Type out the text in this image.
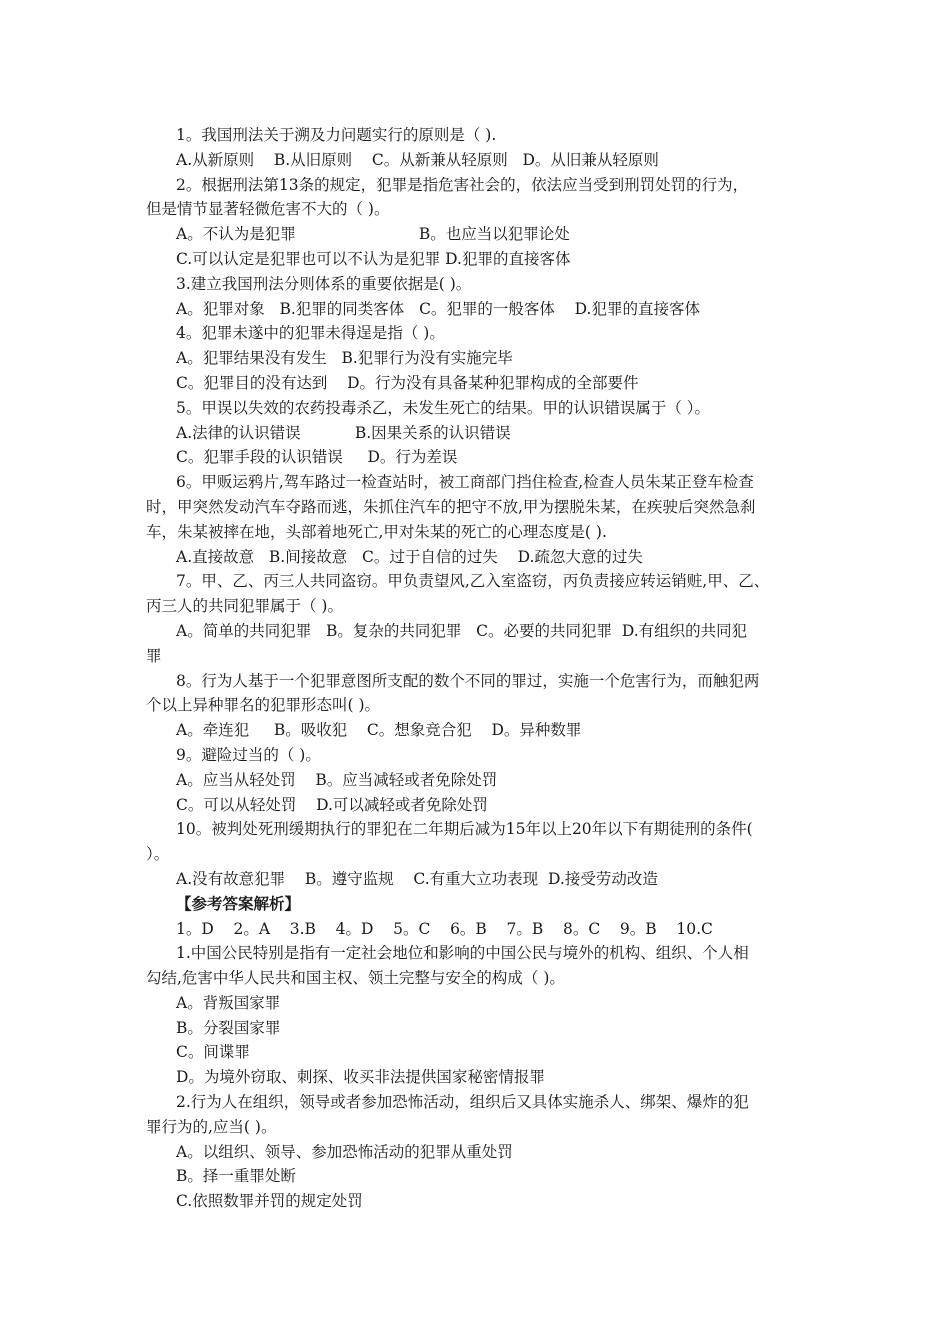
1。我国刑法关于溯及力问题实行的原则是（ ).
A.从新原则    B.从旧原则    C。从新兼从轻原则   D。从旧兼从轻原则
2。根据刑法第13条的规定，犯罪是指危害社会的，依法应当受到刑罚处罚的行为，
但是情节显著轻微危害不大的（ )。
A。不认为是犯罪                         B。也应当以犯罪论处
C.可以认定是犯罪也可以不认为是犯罪 D.犯罪的直接客体
3.建立我国刑法分则体系的重要依据是( )。
A。犯罪对象   B.犯罪的同类客体   C。犯罪的一般客体    D.犯罪的直接客体
4。犯罪未遂中的犯罪未得逞是指（ )。
A。犯罪结果没有发生   B.犯罪行为没有实施完毕
C。犯罪目的没有达到    D。行为没有具备某种犯罪构成的全部要件
5。甲误以失效的农药投毒杀乙，未发生死亡的结果。甲的认识错误属于（ ）。
A.法律的认识错误           B.因果关系的认识错误
C。犯罪手段的认识错误     D。行为差误
6。甲贩运鸦片,驾车路过一检查站时，被工商部门挡住检查,检查人员朱某正登车检查
时，甲突然发动汽车夺路而逃，朱抓住汽车的把守不放,甲为摆脱朱某，在疾驶后突然急刹
车，朱某被摔在地，头部着地死亡,甲对朱某的死亡的心理态度是( ).
A.直接故意   B.间接故意   C。过于自信的过失    D.疏忽大意的过失
7。甲、乙、丙三人共同盗窃。甲负责望风,乙入室盗窃，丙负责接应转运销赃,甲、乙、
丙三人的共同犯罪属于（ )。
A。简单的共同犯罪   B。复杂的共同犯罪   C。必要的共同犯罪  D.有组织的共同犯
罪
8。行为人基于一个犯罪意图所支配的数个不同的罪过，实施一个危害行为，而触犯两
个以上异种罪名的犯罪形态叫( )。
A。牵连犯     B。吸收犯    C。想象竞合犯    D。异种数罪
9。避险过当的（ )。
A。应当从轻处罚    B。应当减轻或者免除处罚
C。可以从轻处罚    D.可以减轻或者免除处罚
10。被判处死刑缓期执行的罪犯在二年期后减为15年以上20年以下有期徒刑的条件(
）。
A.没有故意犯罪    B。遵守监规    C.有重大立功表现  D.接受劳动改造
【参考答案解析】
1。D    2。A    3.B    4。D    5。C    6。B    7。B    8。C    9。B    10.C
1.中国公民特别是指有一定社会地位和影响的中国公民与境外的机构、组织、个人相
勾结,危害中华人民共和国主权、领土完整与安全的构成（ )。
A。背叛国家罪
B。分裂国家罪
C。间谍罪
D。为境外窃取、刺探、收买非法提供国家秘密情报罪
2.行为人在组织，领导或者参加恐怖活动，组织后又具体实施杀人、绑架、爆炸的犯
罪行为的,应当( )。
A。以组织、领导、参加恐怖活动的犯罪从重处罚
B。择一重罪处断
C.依照数罪并罚的规定处罚
